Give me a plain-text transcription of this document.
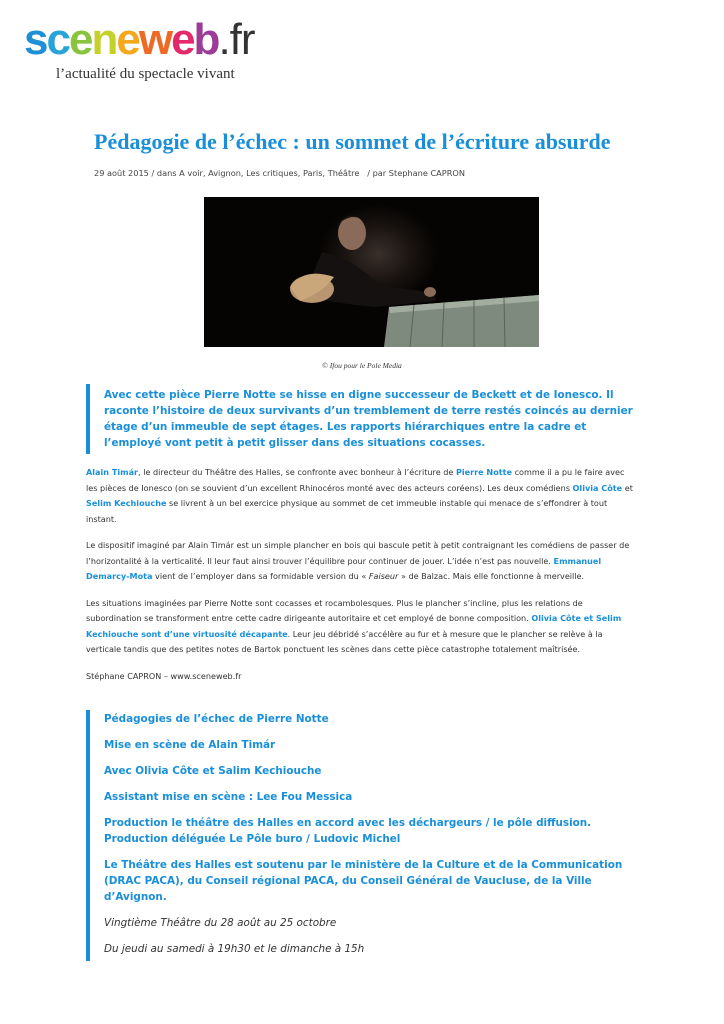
sceneweb.fr
l’actualité du spectacle vivant
Pédagogie de l’échec : un sommet de l’écriture absurde
29 août 2015 / dans A voir, Avignon, Les critiques, Paris, Théâtre   / par Stephane CAPRON
© Ifou pour le Pole Media

Avec cette pièce Pierre Notte se hisse en digne successeur de Beckett et de Ionesco. Il raconte l’histoire de deux survivants d’un tremblement de terre restés coincés au dernier étage d’un immeuble de sept étages. Les rapports hiérarchiques entre la cadre et l’employé vont petit à petit glisser dans des situations cocasses.

Alain Timár, le directeur du Théâtre des Halles, se confronte avec bonheur à l’écriture de Pierre Notte comme il a pu le faire avec les pièces de Ionesco (on se souvient d’un excellent Rhinocéros monté avec des acteurs coréens). Les deux comédiens Olivia Côte et Selim Kechiouche se livrent à un bel exercice physique au sommet de cet immeuble instable qui menace de s’effondrer à tout instant.

Le dispositif imaginé par Alain Timár est un simple plancher en bois qui bascule petit à petit contraignant les comédiens de passer de l’horizontalité à la verticalité. Il leur faut ainsi trouver l’équilibre pour continuer de jouer. L’idée n’est pas nouvelle. Emmanuel Demarcy-Mota vient de l’employer dans sa formidable version du « Faiseur » de Balzac. Mais elle fonctionne à merveille.

Les situations imaginées par Pierre Notte sont cocasses et rocambolesques. Plus le plancher s’incline, plus les relations de subordination se transforment entre cette cadre dirigeante autoritaire et cet employé de bonne composition. Olivia Côte et Selim Kechiouche sont d’une virtuosité décapante. Leur jeu débridé s’accélère au fur et à mesure que le plancher se relève à la verticale tandis que des petites notes de Bartok ponctuent les scènes dans cette pièce catastrophe totalement maîtrisée.

Stéphane CAPRON – www.sceneweb.fr

Pédagogies de l’échec de Pierre Notte

Mise en scène de Alain Timár

Avec Olivia Côte et Salim Kechiouche

Assistant mise en scène : Lee Fou Messica

Production le théâtre des Halles en accord avec les déchargeurs / le pôle diffusion. Production déléguée Le Pôle buro / Ludovic Michel

Le Théâtre des Halles est soutenu par le ministère de la Culture et de la Communication (DRAC PACA), du Conseil régional PACA, du Conseil Général de Vaucluse, de la Ville d’Avignon.

Vingtième Théâtre du 28 août au 25 octobre

Du jeudi au samedi à 19h30 et le dimanche à 15h
